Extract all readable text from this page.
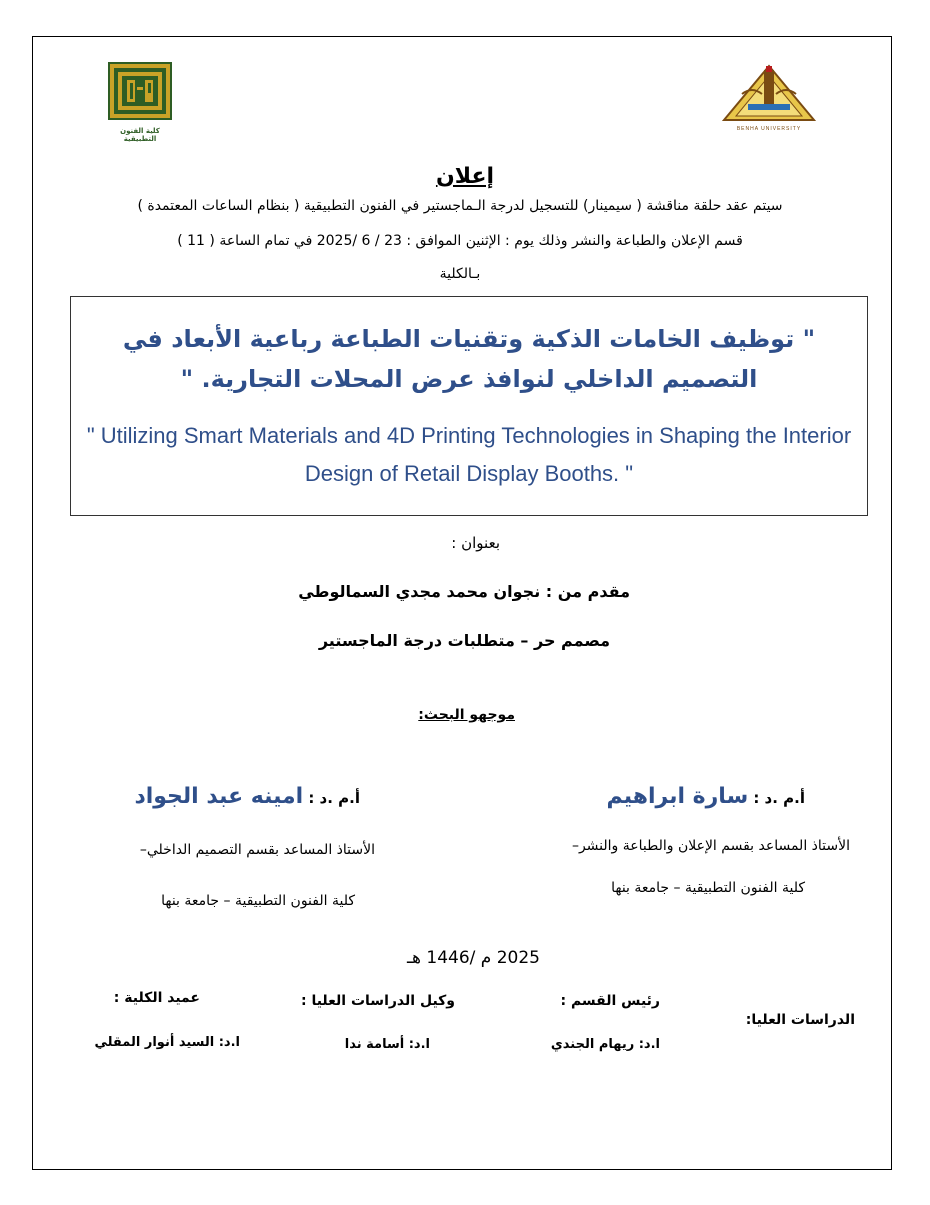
كلية الفنون التطبيقية
BENHA UNIVERSITY
إعلان
سيتم عقد حلقة مناقشة ( سيمينار) للتسجيل لدرجة الـماجستير في الفنون التطبيقية ( بنظام الساعات المعتمدة )
قسم الإعلان والطباعة والنشر وذلك يوم : الإثنين الموافق : 23 / 6 /2025 في تمام الساعة ( 11 )
بـالكلية
" توظيف الخامات الذكية وتقنيات الطباعة رباعية الأبعاد في التصميم الداخلي لنوافذ عرض المحلات التجارية. "
" Utilizing Smart Materials and 4D Printing Technologies in Shaping the Interior Design of Retail Display Booths. "
بعنوان :
مقدم من : نجوان محمد مجدي السمالوطي
مصمم حر – متطلبات درجة الماجستير
موجهو البحث:
أ.م .د : سارة ابراهيم
الأستاذ المساعد بقسم الإعلان والطباعة والنشر–
كلية الفنون التطبيقية – جامعة بنها
أ.م .د : امينه عبد الجواد
الأستاذ المساعد بقسم التصميم الداخلي–
كلية الفنون التطبيقية – جامعة بنها
2025 م /1446 هـ
الدراسات العليا:
رئيس القسم :
ا.د: ريهام الجندي
وكيل الدراسات العليا :
ا.د: أسامة ندا
عميد الكلية :
ا.د: السيد أنوار المقلي
